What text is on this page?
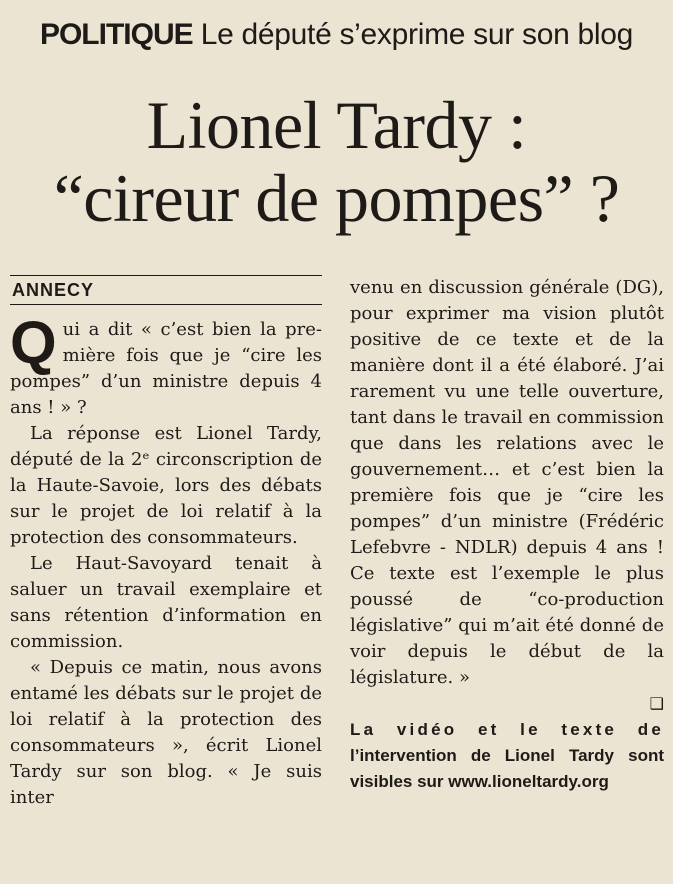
POLITIQUE Le député s’exprime sur son blog
Lionel Tardy :
“cireur de pompes” ?
ANNECY

Qui a dit « c’est bien la première fois que je “cire les pompes” d’un ministre depuis 4 ans ! » ?

La réponse est Lionel Tardy, député de la 2ᵉ circonscription de la Haute-Savoie, lors des débats sur le projet de loi relatif à la protection des consommateurs.

Le Haut-Savoyard tenait à saluer un travail exemplaire et sans rétention d’information en commission.

« Depuis ce matin, nous avons entamé les débats sur le projet de loi relatif à la protection des consommateurs », écrit Lionel Tardy sur son blog. « Je suis inter

venu en discussion générale (DG), pour exprimer ma vision plutôt positive de ce texte et de la manière dont il a été élaboré. J’ai rarement vu une telle ouverture, tant dans le travail en commission que dans les relations avec le gouvernement… et c’est bien la première fois que je “cire les pompes” d’un ministre (Frédéric Lefebvre - NDLR) depuis 4 ans ! Ce texte est l’exemple le plus poussé de “co-production législative” qui m’ait été donné de voir depuis le début de la législature. »

❑
La vidéo et le texte de l’intervention de Lionel Tardy sont visibles sur www.lioneltardy.org
